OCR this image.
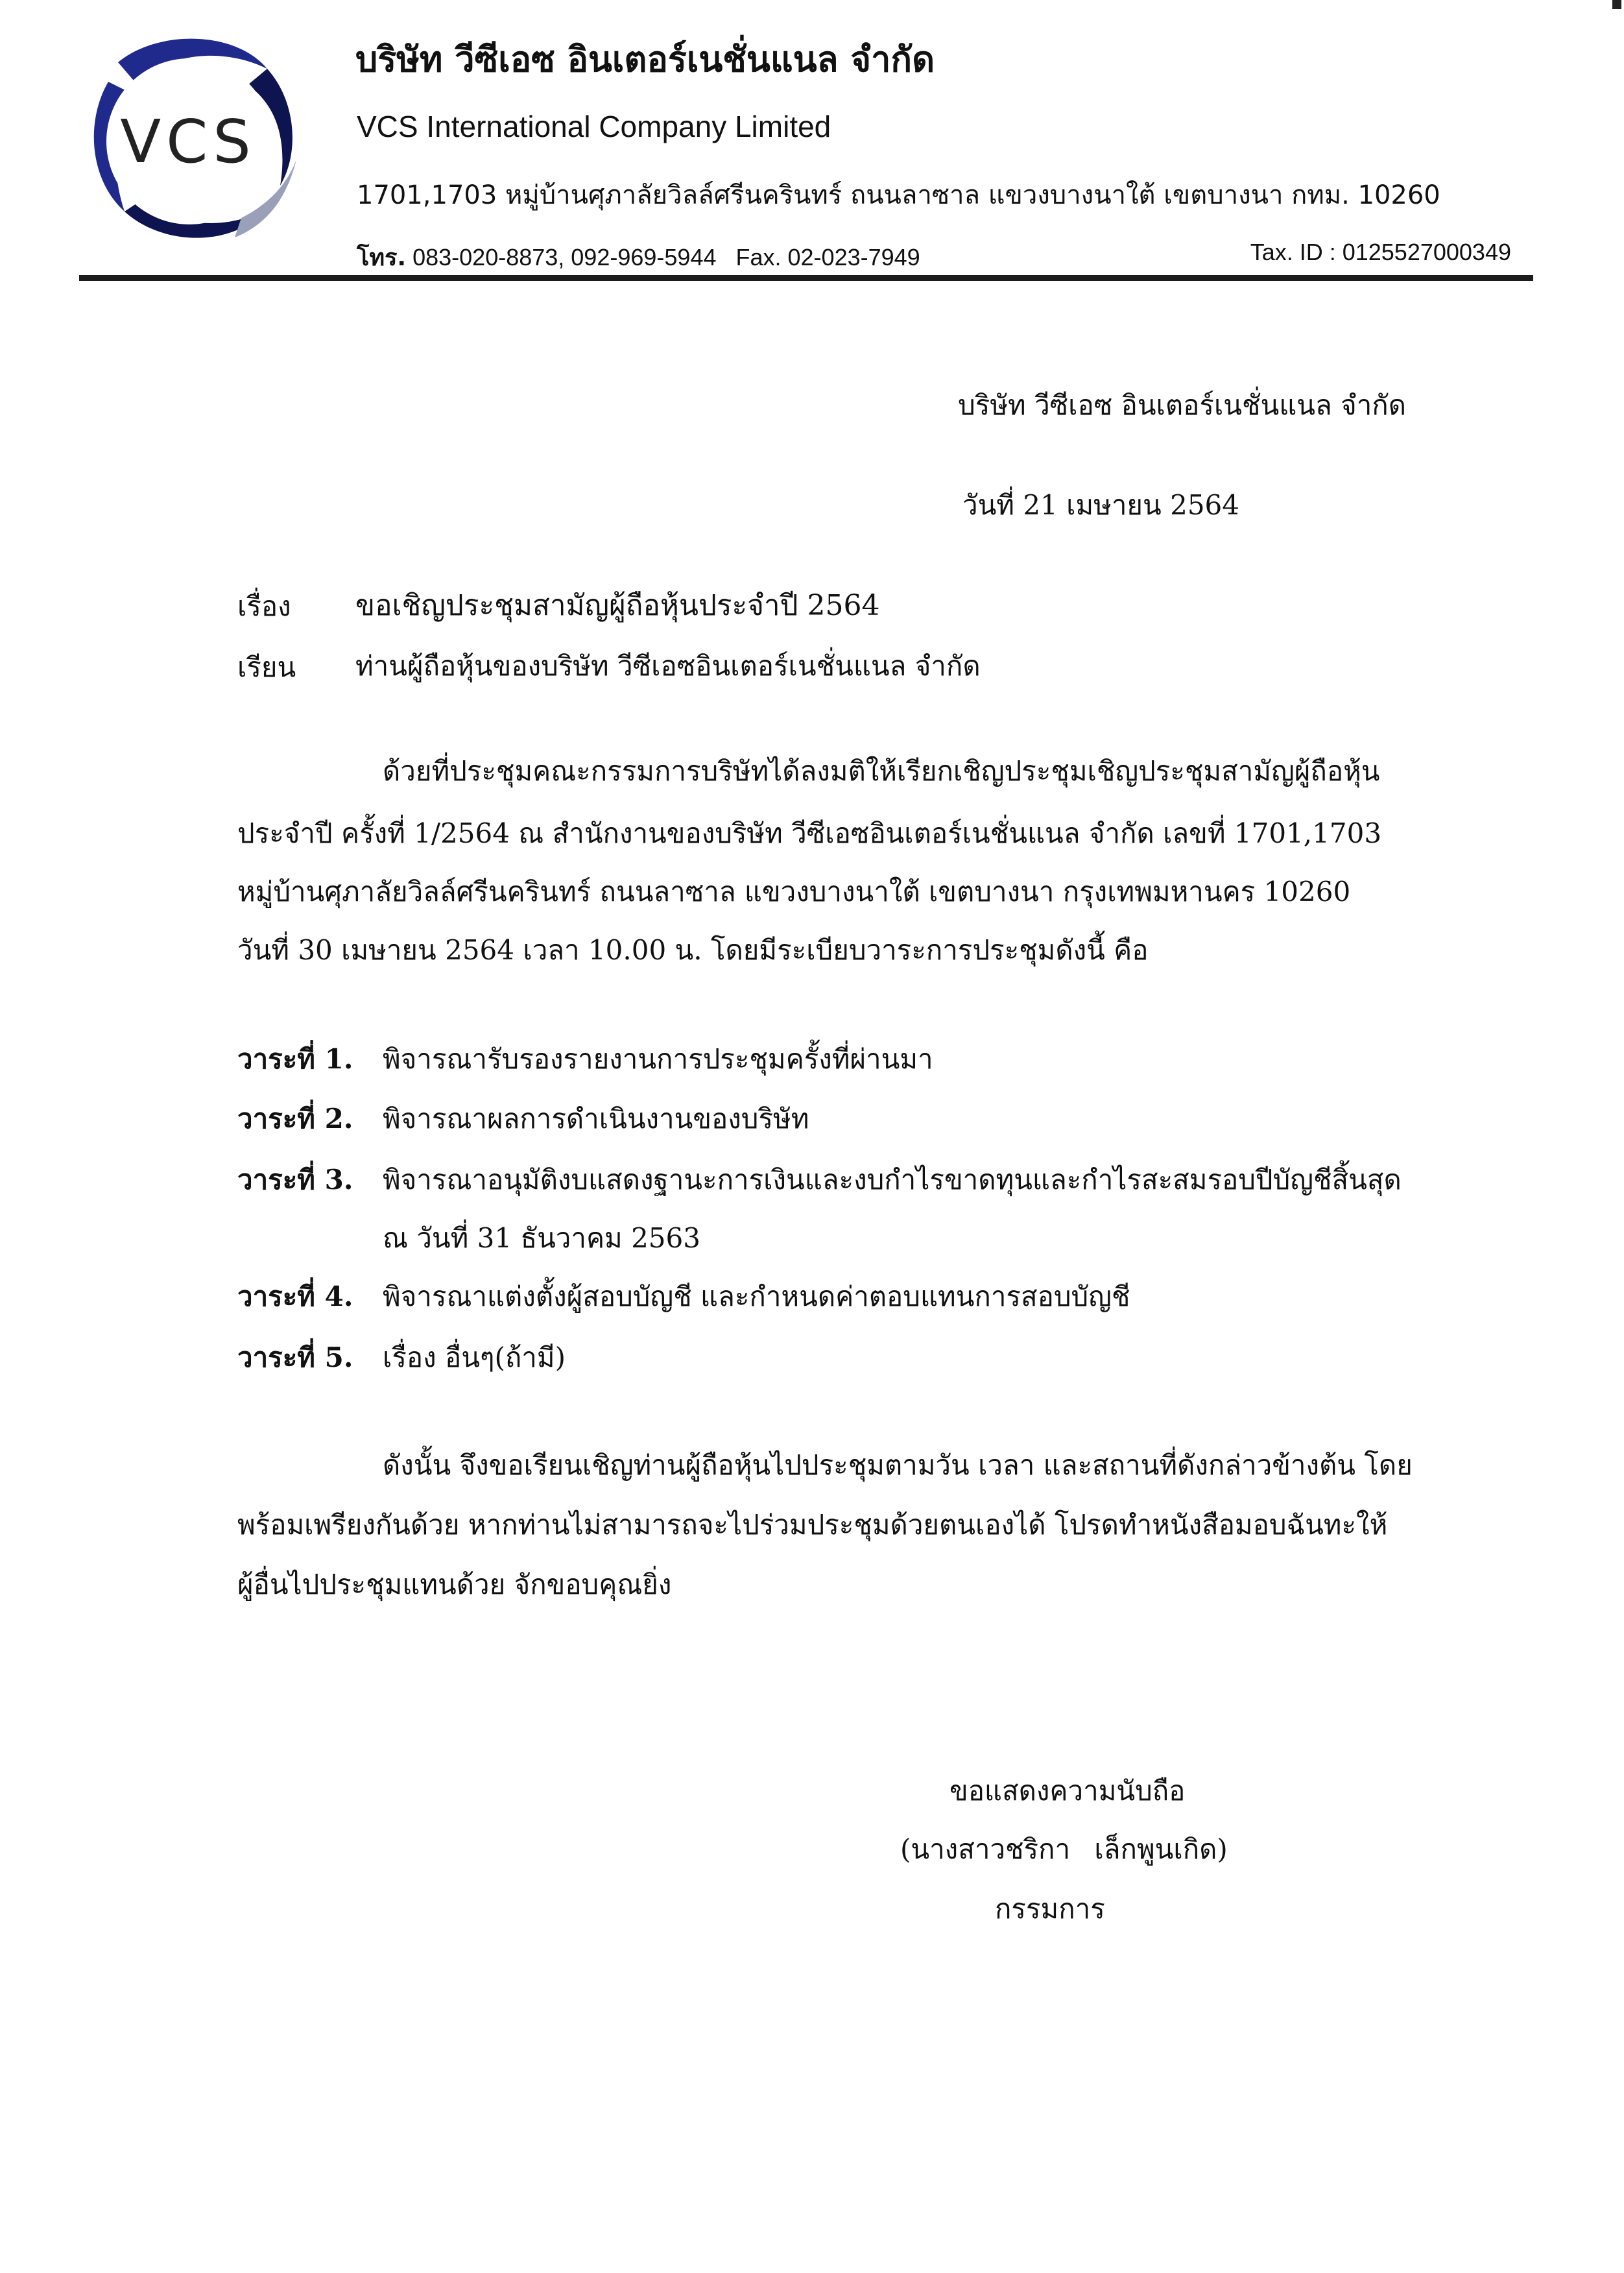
VCS
บริษัท วีซีเอซ อินเตอร์เนชั่นแนล จำกัด
VCS International Company Limited
1701,1703 หมู่บ้านศุภาลัยวิลล์ศรีนครินทร์ ถนนลาซาล แขวงบางนาใต้ เขตบางนา กทม. 10260
โทร. 083-020-8873, 092-969-5944 Fax. 02-023-7949	Tax. ID : 0125527000349
บริษัท วีซีเอซ อินเตอร์เนชั่นแนล จำกัด
วันที่ 21 เมษายน 2564
เรื่อง ขอเชิญประชุมสามัญผู้ถือหุ้นประจำปี 2564
เรียน ท่านผู้ถือหุ้นของบริษัท วีซีเอซอินเตอร์เนชั่นแนล จำกัด
ด้วยที่ประชุมคณะกรรมการบริษัทได้ลงมติให้เรียกเชิญประชุมเชิญประชุมสามัญผู้ถือหุ้น
ประจำปี ครั้งที่ 1/2564 ณ สำนักงานของบริษัท วีซีเอซอินเตอร์เนชั่นแนล จำกัด เลขที่ 1701,1703
หมู่บ้านศุภาลัยวิลล์ศรีนครินทร์ ถนนลาซาล แขวงบางนาใต้ เขตบางนา กรุงเทพมหานคร 10260
วันที่ 30 เมษายน 2564 เวลา 10.00 น. โดยมีระเบียบวาระการประชุมดังนี้ คือ
วาระที่ 1. พิจารณารับรองรายงานการประชุมครั้งที่ผ่านมา
วาระที่ 2. พิจารณาผลการดำเนินงานของบริษัท
วาระที่ 3. พิจารณาอนุมัติงบแสดงฐานะการเงินและงบกำไรขาดทุนและกำไรสะสมรอบปีบัญชีสิ้นสุด
ณ วันที่ 31 ธันวาคม 2563
วาระที่ 4. พิจารณาแต่งตั้งผู้สอบบัญชี และกำหนดค่าตอบแทนการสอบบัญชี
วาระที่ 5. เรื่อง อื่นๆ(ถ้ามี)
ดังนั้น จึงขอเรียนเชิญท่านผู้ถือหุ้นไปประชุมตามวัน เวลา และสถานที่ดังกล่าวข้างต้น โดย
พร้อมเพรียงกันด้วย หากท่านไม่สามารถจะไปร่วมประชุมด้วยตนเองได้ โปรดทำหนังสือมอบฉันทะให้
ผู้อื่นไปประชุมแทนด้วย จักขอบคุณยิ่ง
ขอแสดงความนับถือ
(นางสาวชริกา เล็กพูนเกิด)
กรรมการ
